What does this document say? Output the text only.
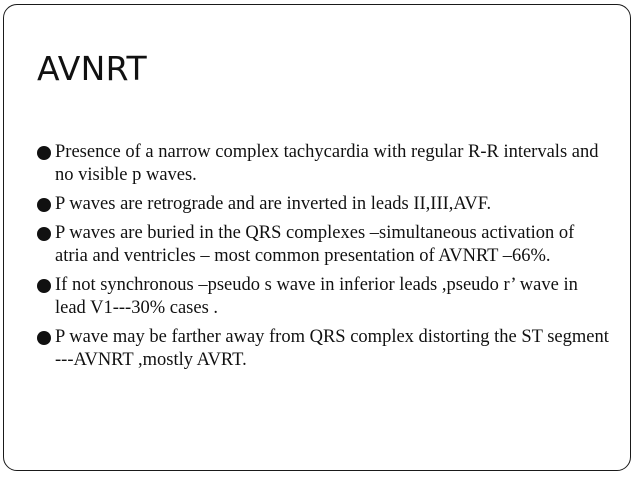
AVNRT
Presence of a narrow complex tachycardia with regular R-R intervals and no visible p waves.
P waves are retrograde and are inverted in leads II,III,AVF.
P waves are buried in the QRS complexes –simultaneous activation of atria and ventricles – most common presentation of AVNRT –66%.
If not synchronous –pseudo s wave in inferior leads ,pseudo r’ wave in lead V1---30% cases .
P wave may be farther away from QRS complex distorting the ST segment ---AVNRT ,mostly AVRT.
